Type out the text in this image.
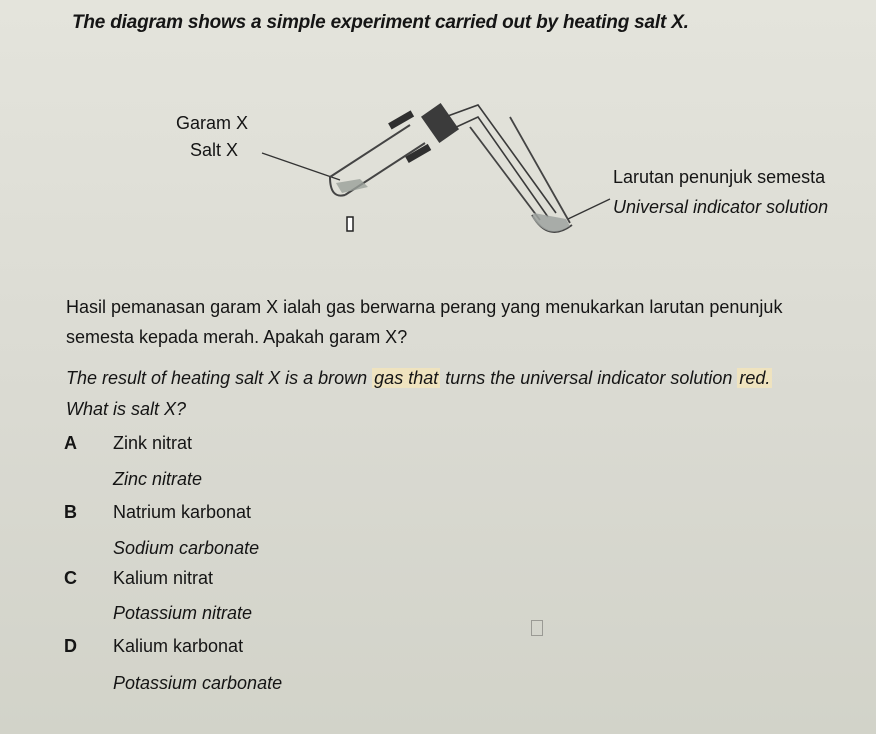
The diagram shows a simple experiment carried out by heating salt X.
Garam X
Salt X
Larutan penunjuk semesta
Universal indicator solution
Hasil pemanasan garam X ialah gas berwarna perang yang menukarkan larutan penunjuk semesta kepada merah. Apakah garam X?
The result of heating salt X is a brown gas that turns the universal indicator solution red.
What is salt X?
A Zink nitrat
Zinc nitrate
B Natrium karbonat
Sodium carbonate
C Kalium nitrat
Potassium nitrate
D Kalium karbonat
Potassium carbonate
